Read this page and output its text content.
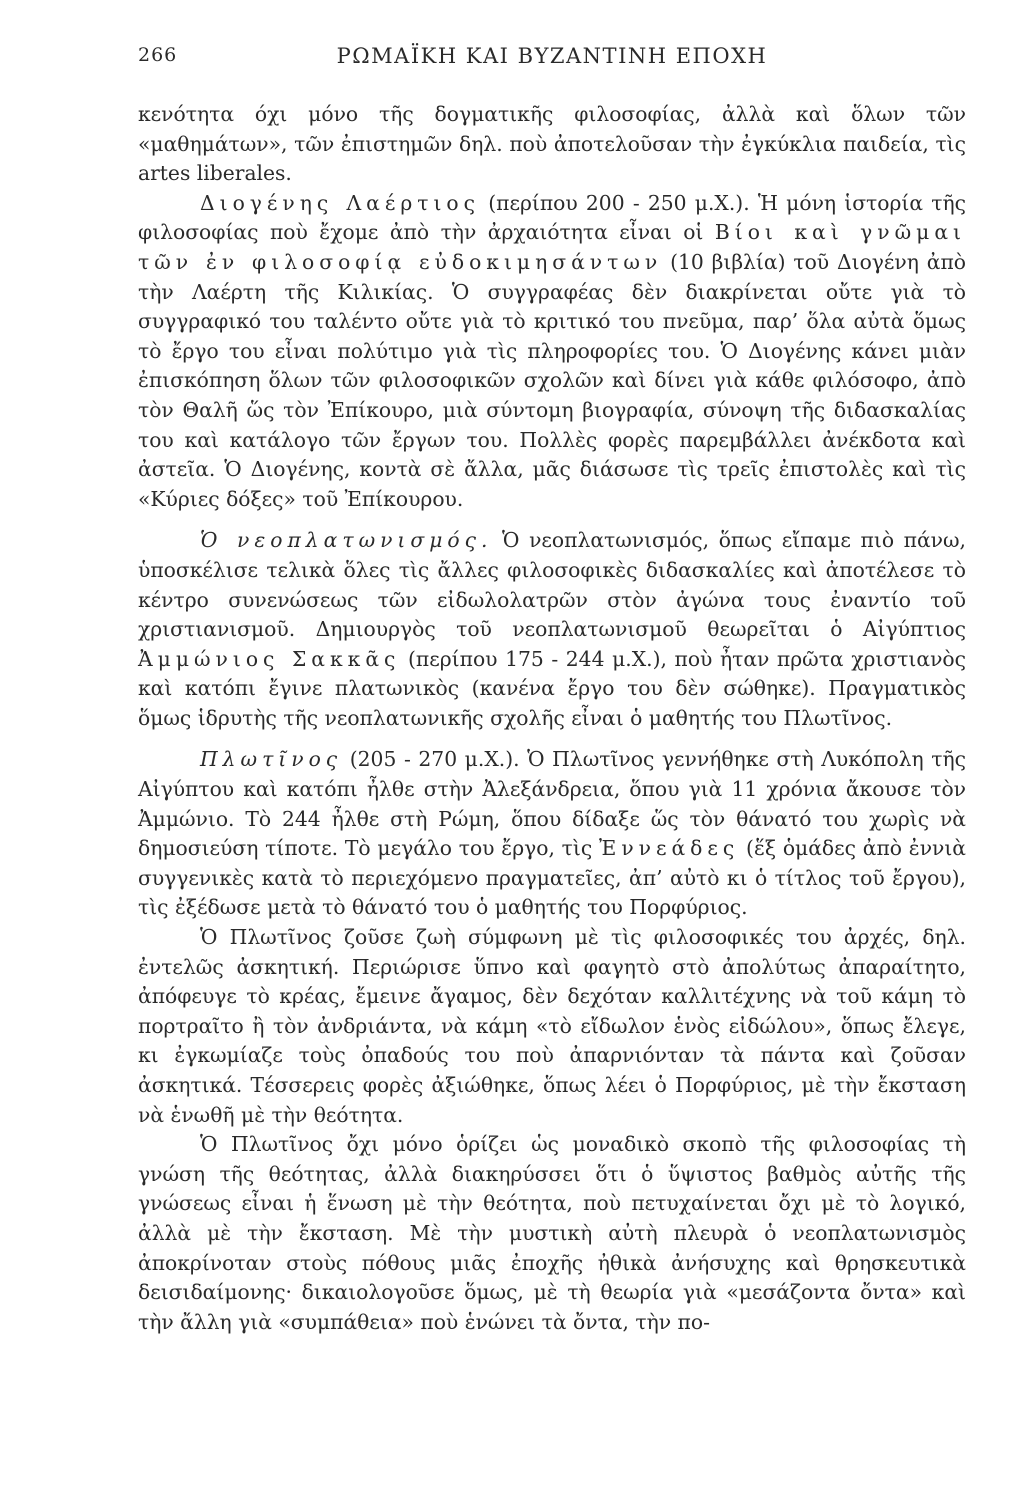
266	ΡΩΜΑΪΚΗ ΚΑΙ ΒΥΖΑΝΤΙΝΗ ΕΠΟΧΗ

κενότητα όχι μόνο τῆς δογματικῆς φιλοσοφίας, ἀλλὰ καὶ ὅλων τῶν «μαθημάτων», τῶν ἐπιστημῶν δηλ. ποὺ ἀποτελοῦσαν τὴν ἐγκύκλια παιδεία, τὶς artes liberales.

Διογένης Λαέρτιος (περίπου 200 - 250 μ.Χ.). Ἡ μόνη ἱστορία τῆς φιλοσοφίας ποὺ ἔχομε ἀπὸ τὴν ἀρχαιότητα εἶναι οἱ Βίοι καὶ γνῶμαι τῶν ἐν φιλοσοφίᾳ εὐδοκιμησάντων (10 βιβλία) τοῦ Διογένη ἀπὸ τὴν Λαέρτη τῆς Κιλικίας. Ὁ συγγραφέας δὲν διακρίνεται οὔτε γιὰ τὸ συγγραφικό του ταλέντο οὔτε γιὰ τὸ κριτικό του πνεῦμα, παρ’ ὅλα αὐτὰ ὅμως τὸ ἔργο του εἶναι πολύτιμο γιὰ τὶς πληροφορίες του. Ὁ Διογένης κάνει μιὰν ἐπισκόπηση ὅλων τῶν φιλοσοφικῶν σχολῶν καὶ δίνει γιὰ κάθε φιλόσοφο, ἀπὸ τὸν Θαλῆ ὥς τὸν Ἐπίκουρο, μιὰ σύντομη βιογραφία, σύνοψη τῆς διδασκαλίας του καὶ κατάλογο τῶν ἔργων του. Πολλὲς φορὲς παρεμβάλλει ἀνέκδοτα καὶ ἀστεῖα. Ὁ Διογένης, κοντὰ σὲ ἄλλα, μᾶς διάσωσε τὶς τρεῖς ἐπιστολὲς καὶ τὶς «Κύριες δόξες» τοῦ Ἐπίκουρου.

Ὁ νεοπλατωνισμός. Ὁ νεοπλατωνισμός, ὅπως εἴπαμε πιὸ πάνω, ὑποσκέλισε τελικὰ ὅλες τὶς ἄλλες φιλοσοφικὲς διδασκαλίες καὶ ἀποτέλεσε τὸ κέντρο συνενώσεως τῶν εἰδωλολατρῶν στὸν ἀγώνα τους ἐναντίο τοῦ χριστιανισμοῦ. Δημιουργὸς τοῦ νεοπλατωνισμοῦ θεωρεῖται ὁ Αἰγύπτιος Ἀμμώνιος Σακκᾶς (περίπου 175 - 244 μ.Χ.), ποὺ ἦταν πρῶτα χριστιανὸς καὶ κατόπι ἔγινε πλατωνικὸς (κανένα ἔργο του δὲν σώθηκε). Πραγματικὸς ὅμως ἱδρυτὴς τῆς νεοπλατωνικῆς σχολῆς εἶναι ὁ μαθητής του Πλωτῖνος.

Πλωτῖνος (205 - 270 μ.Χ.). Ὁ Πλωτῖνος γεννήθηκε στὴ Λυκόπολη τῆς Αἰγύπτου καὶ κατόπι ἦλθε στὴν Ἀλεξάνδρεια, ὅπου γιὰ 11 χρόνια ἄκουσε τὸν Ἀμμώνιο. Τὸ 244 ἦλθε στὴ Ρώμη, ὅπου δίδαξε ὥς τὸν θάνατό του χωρὶς νὰ δημοσιεύση τίποτε. Τὸ μεγάλο του ἔργο, τὶς Ἐννεάδες (ἕξ ὁμάδες ἀπὸ ἐννιὰ συγγενικὲς κατὰ τὸ περιεχόμενο πραγματεῖες, ἀπ’ αὐτὸ κι ὁ τίτλος τοῦ ἔργου), τὶς ἐξέδωσε μετὰ τὸ θάνατό του ὁ μαθητής του Πορφύριος.

Ὁ Πλωτῖνος ζοῦσε ζωὴ σύμφωνη μὲ τὶς φιλοσοφικές του ἀρχές, δηλ. ἐντελῶς ἀσκητική. Περιώρισε ὕπνο καὶ φαγητὸ στὸ ἀπολύτως ἀπαραίτητο, ἀπόφευγε τὸ κρέας, ἔμεινε ἄγαμος, δὲν δεχόταν καλλιτέχνης νὰ τοῦ κάμη τὸ πορτραῖτο ἢ τὸν ἀνδριάντα, νὰ κάμη «τὸ εἴδωλον ἑνὸς εἰδώλου», ὅπως ἔλεγε, κι ἐγκωμίαζε τοὺς ὀπαδούς του ποὺ ἀπαρνιόνταν τὰ πάντα καὶ ζοῦσαν ἀσκητικά. Τέσσερεις φορὲς ἀξιώθηκε, ὅπως λέει ὁ Πορφύριος, μὲ τὴν ἔκσταση νὰ ἑνωθῆ μὲ τὴν θεότητα.

Ὁ Πλωτῖνος ὄχι μόνο ὁρίζει ὡς μοναδικὸ σκοπὸ τῆς φιλοσοφίας τὴ γνώση τῆς θεότητας, ἀλλὰ διακηρύσσει ὅτι ὁ ὕψιστος βαθμὸς αὐτῆς τῆς γνώσεως εἶναι ἡ ἕνωση μὲ τὴν θεότητα, ποὺ πετυχαίνεται ὄχι μὲ τὸ λογικό, ἀλλὰ μὲ τὴν ἔκσταση. Μὲ τὴν μυστικὴ αὐτὴ πλευρὰ ὁ νεοπλατωνισμὸς ἀποκρίνοταν στοὺς πόθους μιᾶς ἐποχῆς ἠθικὰ ἀνήσυχης καὶ θρησκευτικὰ δεισιδαίμονης· δικαιολογοῦσε ὅμως, μὲ τὴ θεωρία γιὰ «μεσάζοντα ὄντα» καὶ τὴν ἄλλη γιὰ «συμπάθεια» ποὺ ἑνώνει τὰ ὄντα, τὴν πο-
